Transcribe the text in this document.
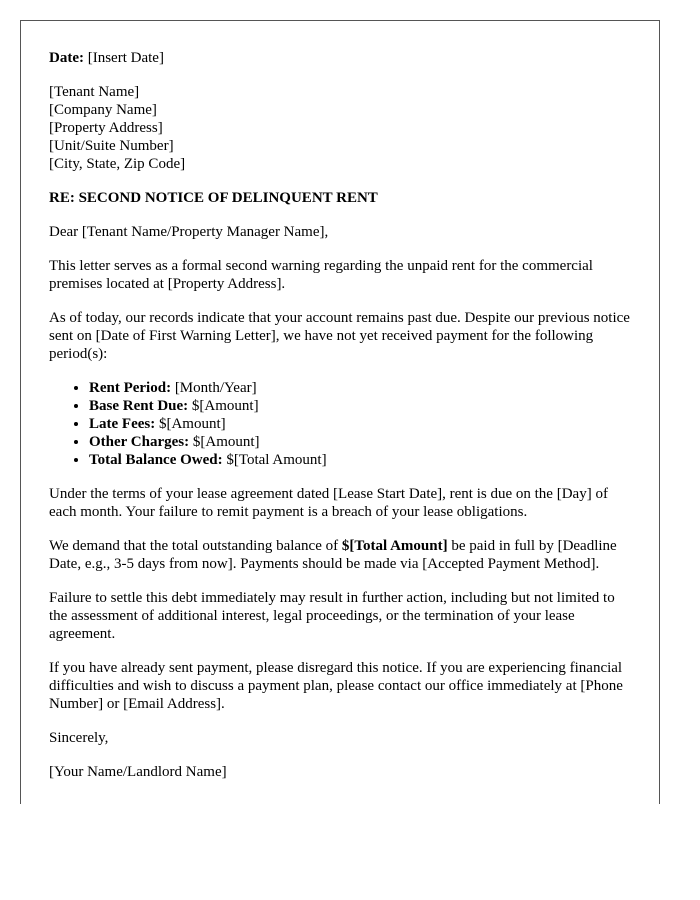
Date: [Insert Date]

[Tenant Name]
[Company Name]
[Property Address]
[Unit/Suite Number]
[City, State, Zip Code]

RE: SECOND NOTICE OF DELINQUENT RENT

Dear [Tenant Name/Property Manager Name],

This letter serves as a formal second warning regarding the unpaid rent for the commercial premises located at [Property Address].

As of today, our records indicate that your account remains past due. Despite our previous notice sent on [Date of First Warning Letter], we have not yet received payment for the following period(s):

• Rent Period: [Month/Year]
• Base Rent Due: $[Amount]
• Late Fees: $[Amount]
• Other Charges: $[Amount]
• Total Balance Owed: $[Total Amount]

Under the terms of your lease agreement dated [Lease Start Date], rent is due on the [Day] of each month. Your failure to remit payment is a breach of your lease obligations.

We demand that the total outstanding balance of $[Total Amount] be paid in full by [Deadline Date, e.g., 3-5 days from now]. Payments should be made via [Accepted Payment Method].

Failure to settle this debt immediately may result in further action, including but not limited to the assessment of additional interest, legal proceedings, or the termination of your lease agreement.

If you have already sent payment, please disregard this notice. If you are experiencing financial difficulties and wish to discuss a payment plan, please contact our office immediately at [Phone Number] or [Email Address].

Sincerely,

[Your Name/Landlord Name]
